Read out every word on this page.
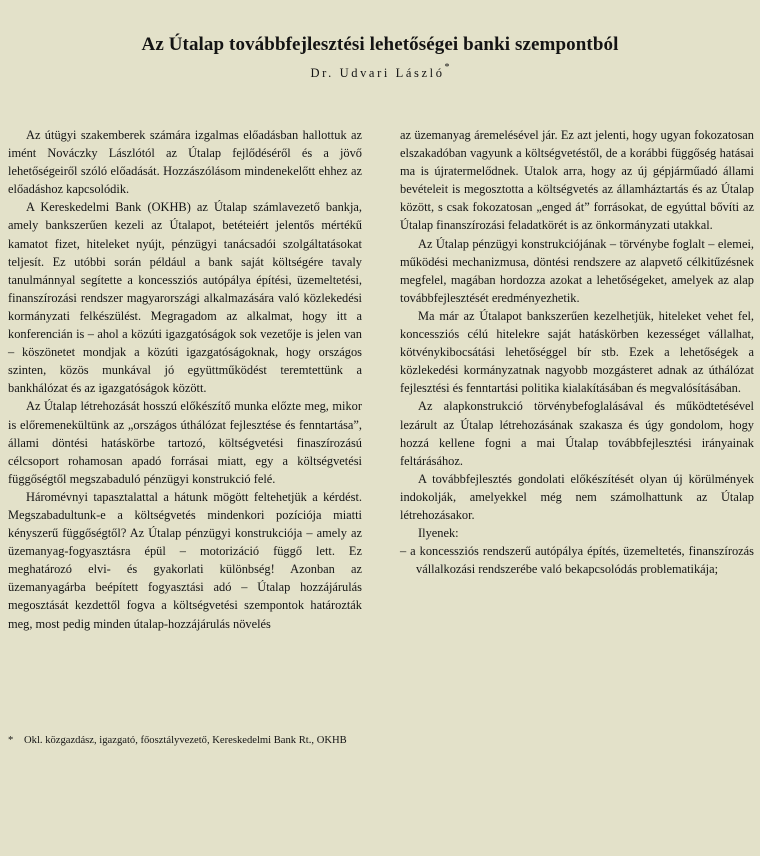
Az Útalap továbbfejlesztési lehetőségei banki szempontból
Dr. Udvari László*

Az útügyi szakemberek számára izgalmas előadásban hallottuk az imént Nováczky Lászlótól az Útalap fejlődéséről és a jövő lehetőségeiről szóló előadását. Hozzászólásom mindenekelőtt ehhez az előadáshoz kapcsolódik.

A Kereskedelmi Bank (OKHB) az Útalap számlavezető bankja, amely bankszerűen kezeli az Útalapot, betéteiért jelentős mértékű kamatot fizet, hiteleket nyújt, pénzügyi tanácsadói szolgáltatásokat teljesít. Ez utóbbi során például a bank saját költségére tavaly tanulmánnyal segítette a koncessziós autópálya építési, üzemeltetési, finanszírozási rendszer magyarországi alkalmazására való közlekedési kormányzati felkészülést. Megragadom az alkalmat, hogy itt a konferencián is – ahol a közúti igazgatóságok sok vezetője is jelen van – köszönetet mondjak a közúti igazgatóságoknak, hogy országos szinten, közös munkával jó együttműködést teremtettünk a bankhálózat és az igazgatóságok között.

Az Útalap létrehozását hosszú előkészítő munka előzte meg, mikor is előremenekültünk az „országos úthálózat fejlesztése és fenntartása”, állami döntési hatáskörbe tartozó, költségvetési finaszírozású célcsoport rohamosan apadó forrásai miatt, egy a költségvetési függőségtől megszabaduló pénzügyi konstrukció felé.

Háromévnyi tapasztalattal a hátunk mögött feltehetjük a kérdést. Megszabadultunk-e a költségvetés mindenkori pozíciója miatti kényszerű függőségtől? Az Útalap pénzügyi konstrukciója – amely az üzemanyag-fogyasztásra épül – motorizáció függő lett. Ez meghatározó elvi- és gyakorlati különbség! Azonban az üzemanyagárba beépített fogyasztási adó – Útalap hozzájárulás megosztását kezdettől fogva a költségvetési szempontok határozták meg, most pedig minden útalap-hozzájárulás növelés

az üzemanyag áremelésével jár. Ez azt jelenti, hogy ugyan fokozatosan elszakadóban vagyunk a költségvetéstől, de a korábbi függőség hatásai ma is újratermelődnek. Utalok arra, hogy az új gépjárműadó állami bevételeit is megosztotta a költségvetés az államháztartás és az Útalap között, s csak fokozatosan „enged át” forrásokat, de egyúttal bővíti az Útalap finanszírozási feladatkörét is az önkormányzati utakkal.

Az Útalap pénzügyi konstrukciójának – törvénybe foglalt – elemei, működési mechanizmusa, döntési rendszere az alapvető célkitűzésnek megfelel, magában hordozza azokat a lehetőségeket, amelyek az alap továbbfejlesztését eredményezhetik.

Ma már az Útalapot bankszerűen kezelhetjük, hiteleket vehet fel, koncessziós célú hitelekre saját hatáskörben kezességet vállalhat, kötvénykibocsátási lehetőséggel bír stb. Ezek a lehetőségek a közlekedési kormányzatnak nagyobb mozgásteret adnak az úthálózat fejlesztési és fenntartási politika kialakításában és megvalósításában.

Az alapkonstrukció törvénybefoglalásával és működtetésével lezárult az Útalap létrehozásának szakasza és úgy gondolom, hogy hozzá kellene fogni a mai Útalap továbbfejlesztési irányainak feltárásához.

A továbbfejlesztés gondolati előkészítését olyan új körülmények indokolják, amelyekkel még nem számolhattunk az Útalap létrehozásakor.

Ilyenek:

– a koncessziós rendszerű autópálya építés, üzemeltetés, finanszírozás vállalkozási rendszerébe való bekapcsolódás problematikája;

* Okl. közgazdász, igazgató, főosztályvezető, Kereskedelmi Bank Rt., OKHB
